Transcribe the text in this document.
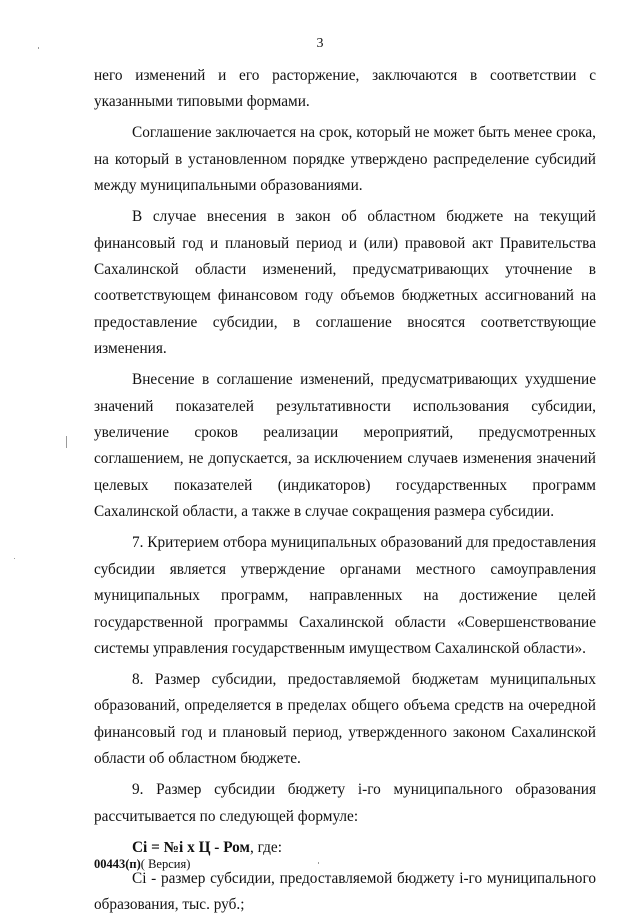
3

него изменений и его расторжение, заключаются в соответствии с указанными типовыми формами.

Соглашение заключается на срок, который не может быть менее срока, на который в установленном порядке утверждено распределение субсидий между муниципальными образованиями.

В случае внесения в закон об областном бюджете на текущий финансовый год и плановый период и (или) правовой акт Правительства Сахалинской области изменений, предусматривающих уточнение в соответствующем финансовом году объемов бюджетных ассигнований на предоставление субсидии, в соглашение вносятся соответствующие изменения.

Внесение в соглашение изменений, предусматривающих ухудшение значений показателей результативности использования субсидии, увеличение сроков реализации мероприятий, предусмотренных соглашением, не допускается, за исключением случаев изменения значений целевых показателей (индикаторов) государственных программ Сахалинской области, а также в случае сокращения размера субсидии.

7. Критерием отбора муниципальных образований для предоставления субсидии является утверждение органами местного самоуправления муниципальных программ, направленных на достижение целей государственной программы Сахалинской области «Совершенствование системы управления государственным имуществом Сахалинской области».

8. Размер субсидии, предоставляемой бюджетам муниципальных образований, определяется в пределах общего объема средств на очередной финансовый год и плановый период, утвержденного законом Сахалинской области об областном бюджете.

9. Размер субсидии бюджету i-го муниципального образования рассчитывается по следующей формуле:

Сi = №i x Ц - Ром, где:

Сi - размер субсидии, предоставляемой бюджету i-го муниципального образования, тыс. руб.;

00443(п)( Версия)
